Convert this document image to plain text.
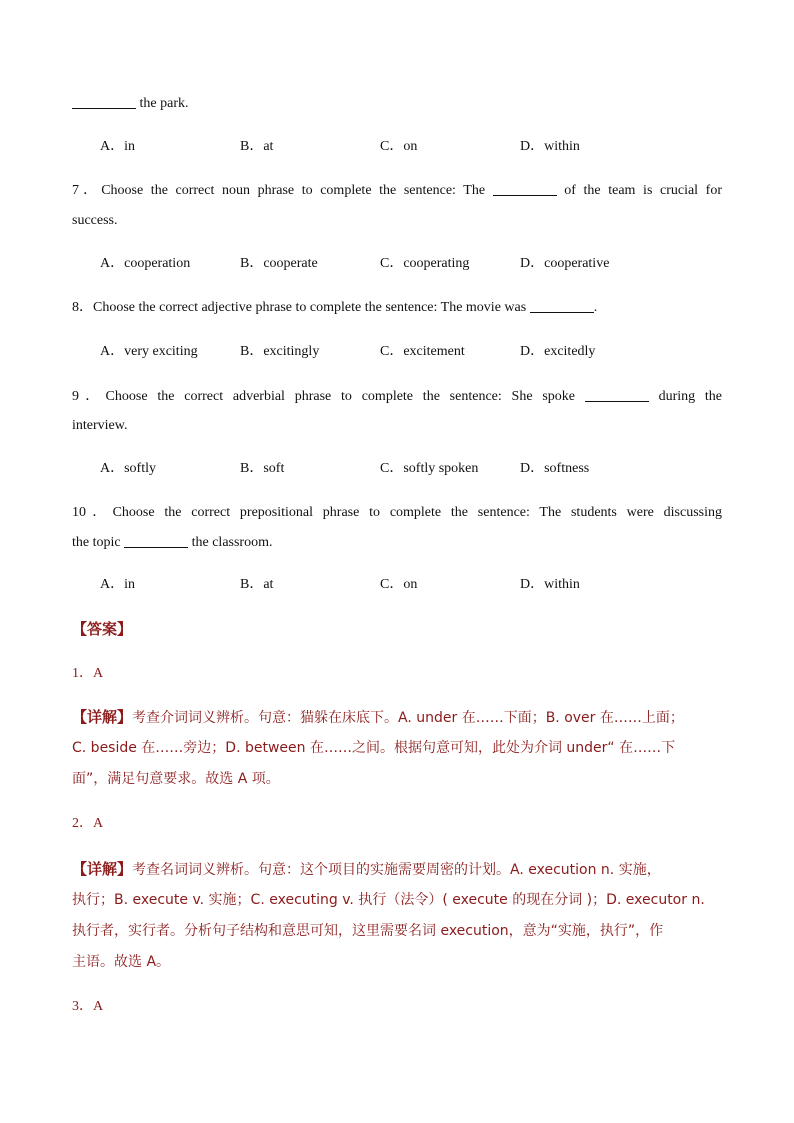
the park.
A．in	B．at	C．on	D．within
7．Choose the correct noun phrase to complete the sentence: The	of the team is crucial for
success.
A．cooperation	B．cooperate	C．cooperating	D．cooperative
8．Choose the correct adjective phrase to complete the sentence: The movie was	.
A．very exciting	B．excitingly	C．excitement	D．excitedly
9．Choose the correct adverbial phrase to complete the sentence: She spoke	during the
interview.
A．softly	B．soft	C．softly spoken	D．softness
10．Choose the correct prepositional phrase to complete the sentence: The students were discussing
the topic	the classroom.
A．in	B．at	C．on	D．within
【答案】
1．A
【详解】考查介词词义辨析。句意：猫躲在床底下。A. under 在……下面；B. over 在……上面；
C. beside 在……旁边；D. between 在……之间。根据句意可知，此处为介词 under“ 在……下
面”，满足句意要求。故选 A 项。
2．A
【详解】考查名词词义辨析。句意：这个项目的实施需要周密的计划。A. execution n. 实施，
执行；B. execute v. 实施；C. executing v. 执行（法令）( execute 的现在分词 )；D. executor n.
执行者，实行者。分析句子结构和意思可知，这里需要名词 execution，意为“实施，执行”，作
主语。故选 A。
3．A
